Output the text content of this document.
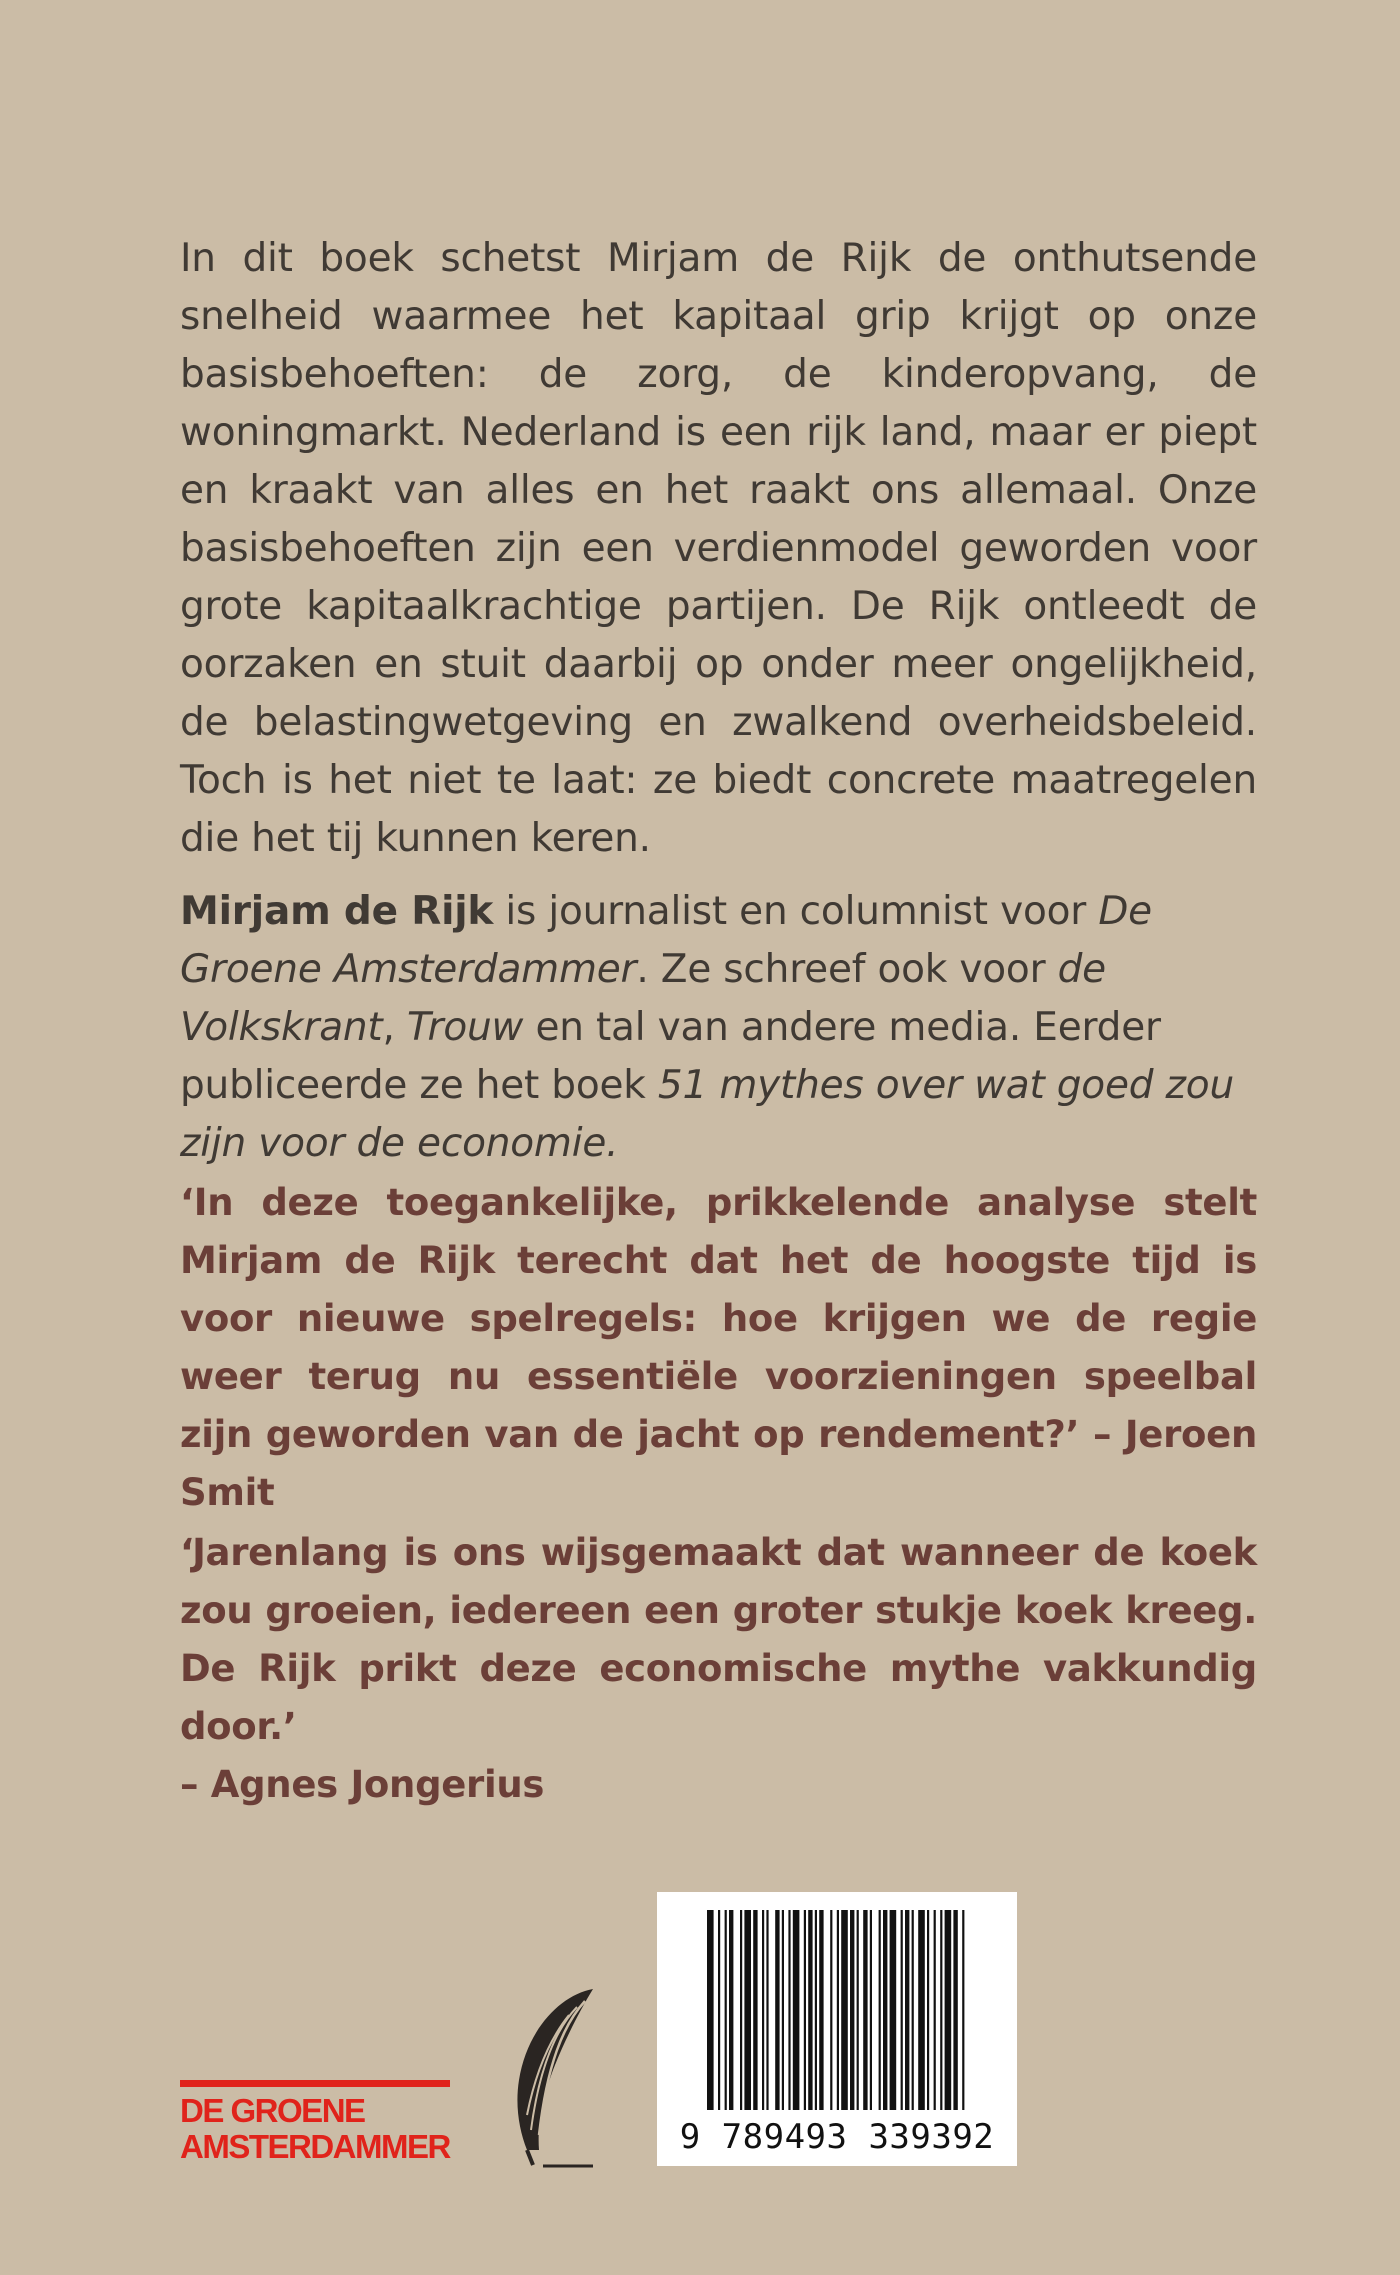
In dit boek schetst Mirjam de Rijk de onthutsende snelheid waarmee het kapitaal grip krijgt op onze basisbehoeften: de zorg, de kinderopvang, de woningmarkt. Nederland is een rijk land, maar er piept en kraakt van alles en het raakt ons allemaal. Onze basisbehoeften zijn een verdienmodel geworden voor grote kapitaalkrachtige partijen. De Rijk ontleedt de oorzaken en stuit daarbij op onder meer ongelijkheid, de belastingwetgeving en zwalkend overheidsbeleid. Toch is het niet te laat: ze biedt concrete maatregelen die het tij kunnen keren.

Mirjam de Rijk is journalist en columnist voor De Groene Amsterdammer. Ze schreef ook voor de Volkskrant, Trouw en tal van andere media. Eerder publiceerde ze het boek 51 mythes over wat goed zou zijn voor de economie.

‘In deze toegankelijke, prikkelende analyse stelt Mirjam de Rijk terecht dat het de hoogste tijd is voor nieuwe spelregels: hoe krijgen we de regie weer terug nu essentiële voorzieningen speelbal zijn geworden van de jacht op rendement?’ – Jeroen Smit

‘Jarenlang is ons wijsgemaakt dat wanneer de koek zou groeien, iedereen een groter stukje koek kreeg. De Rijk prikt deze economische mythe vakkundig door.’
– Agnes Jongerius

DE GROENE
AMSTERDAMMER	9 789493 339392
